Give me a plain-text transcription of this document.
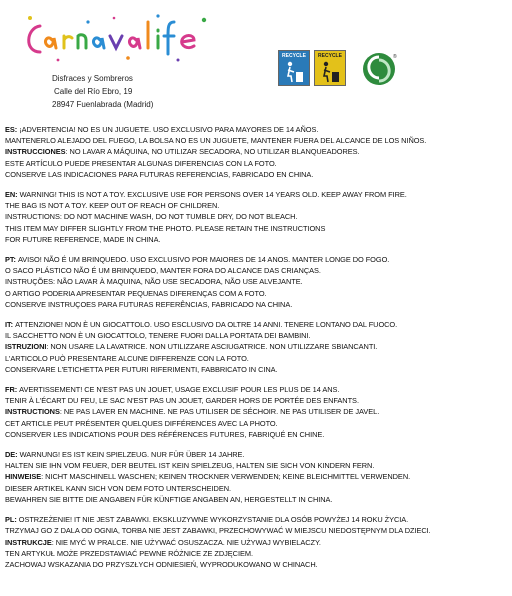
Disfraces y Sombreros
Calle del Río Ebro, 19
28947 Fuenlabrada (Madrid)
RECYCLE	RECYCLE	®
ES: ¡ADVERTENCIA! NO ES UN JUGUETE. USO EXCLUSIVO PARA MAYORES DE 14 AÑOS.
MANTENERLO ALEJADO DEL FUEGO, LA BOLSA NO ES UN JUGUETE, MANTENER FUERA DEL ALCANCE DE LOS NIÑOS.
INSTRUCCIONES: NO LAVAR A MÁQUINA, NO UTILIZAR SECADORA, NO UTILIZAR BLANQUEADORES.
ESTE ARTÍCULO PUEDE PRESENTAR ALGUNAS DIFERENCIAS CON LA FOTO.
CONSERVE LAS INDICACIONES PARA FUTURAS REFERENCIAS, FABRICADO EN CHINA.
EN: WARNING! THIS IS NOT A TOY. EXCLUSIVE USE FOR PERSONS OVER 14 YEARS OLD. KEEP AWAY FROM FIRE.
THE BAG IS NOT A TOY. KEEP OUT OF REACH OF CHILDREN.
INSTRUCTIONS: DO NOT MACHINE WASH, DO NOT TUMBLE DRY, DO NOT BLEACH.
THIS ITEM MAY DIFFER SLIGHTLY FROM THE PHOTO. PLEASE RETAIN THE INSTRUCTIONS
FOR FUTURE REFERENCE, MADE IN CHINA.
PT: AVISO! NÃO É UM BRINQUEDO. USO EXCLUSIVO POR MAIORES DE 14 ANOS. MANTER LONGE DO FOGO.
O SACO PLÁSTICO NÃO É UM BRINQUEDO, MANTER FORA DO ALCANCE DAS CRIANÇAS.
INSTRUÇÕES: NÃO LAVAR À MAQUINA, NÃO USE SECADORA, NÃO USE ALVEJANTE.
O ARTIGO PODERIA APRESENTAR PEQUENAS DIFERENÇAS COM A FOTO.
CONSERVE INSTRUÇOES PARA FUTURAS REFERÊNCIAS, FABRICADO NA CHINA.
IT: ATTENZIONE! NON È UN GIOCATTOLO. USO ESCLUSIVO DA OLTRE 14 ANNI. TENERE LONTANO DAL FUOCO.
IL SACCHETTO NON È UN GIOCATTOLO, TENERE FUORI DALLA PORTATA DEI BAMBINI.
ISTRUZIONI: NON USARE LA LAVATRICE. NON UTILIZZARE ASCIUGATRICE. NON UTILIZZARE SBIANCANTI.
L'ARTICOLO PUÒ PRESENTARE ALCUNE DIFFERENZE CON LA FOTO.
CONSERVARE L'ETICHETTA PER FUTURI RIFERIMENTI, FABBRICATO IN CINA.
FR: AVERTISSEMENT! CE N'EST PAS UN JOUET, USAGE EXCLUSIF POUR LES PLUS DE 14 ANS.
TENIR À L'ÉCART DU FEU, LE SAC N'EST PAS UN JOUET, GARDER HORS DE PORTÉE DES ENFANTS.
INSTRUCTIONS: NE PAS LAVER EN MACHINE. NE PAS UTILISER DE SÉCHOIR. NE PAS UTILISER DE JAVEL.
CET ARTICLE PEUT PRÉSENTER QUELQUES DIFFÉRENCES AVEC LA PHOTO.
CONSERVER LES INDICATIONS POUR DES RÉFÉRENCES FUTURES, FABRIQUÉ EN CHINE.
DE: WARNUNG! ES IST KEIN SPIELZEUG. NUR FÜR ÜBER 14 JAHRE.
HALTEN SIE IHN VOM FEUER, DER BEUTEL IST KEIN SPIELZEUG, HALTEN SIE SICH VON KINDERN FERN.
HINWEISE: NICHT MASCHINELL WASCHEN; KEINEN TROCKNER VERWENDEN; KEINE BLEICHMITTEL VERWENDEN.
DIESER ARTIKEL KANN SICH VON DEM FOTO UNTERSCHEIDEN.
BEWAHREN SIE BITTE DIE ANGABEN FÜR KÜNFTIGE ANGABEN AN, HERGESTELLT IN CHINA.
PL: OSTRZEŻENIE! IT NIE JEST ZABAWKI. EKSKLUZYWNE WYKORZYSTANIE DLA OSÓB POWYŻEJ 14 ROKU ŻYCIA.
TRZYMAJ GO Z DALA OD OGNIA, TORBA NIE JEST ZABAWKI, PRZECHOWYWAĆ W MIEJSCU NIEDOSTĘPNYM DLA DZIECI.
INSTRUKCJE: NIE MYĆ W PRALCE. NIE UŻYWAĆ OSUSZACZA. NIE UŻYWAJ WYBIELACZY.
TEN ARTYKUŁ MOŻE PRZEDSTAWIAĆ PEWNE RÓŻNICE ZE ZDJĘCIEM.
ZACHOWAJ WSKAZANIA DO PRZYSZŁYCH ODNIESIEŃ, WYPRODUKOWANO W CHINACH.
